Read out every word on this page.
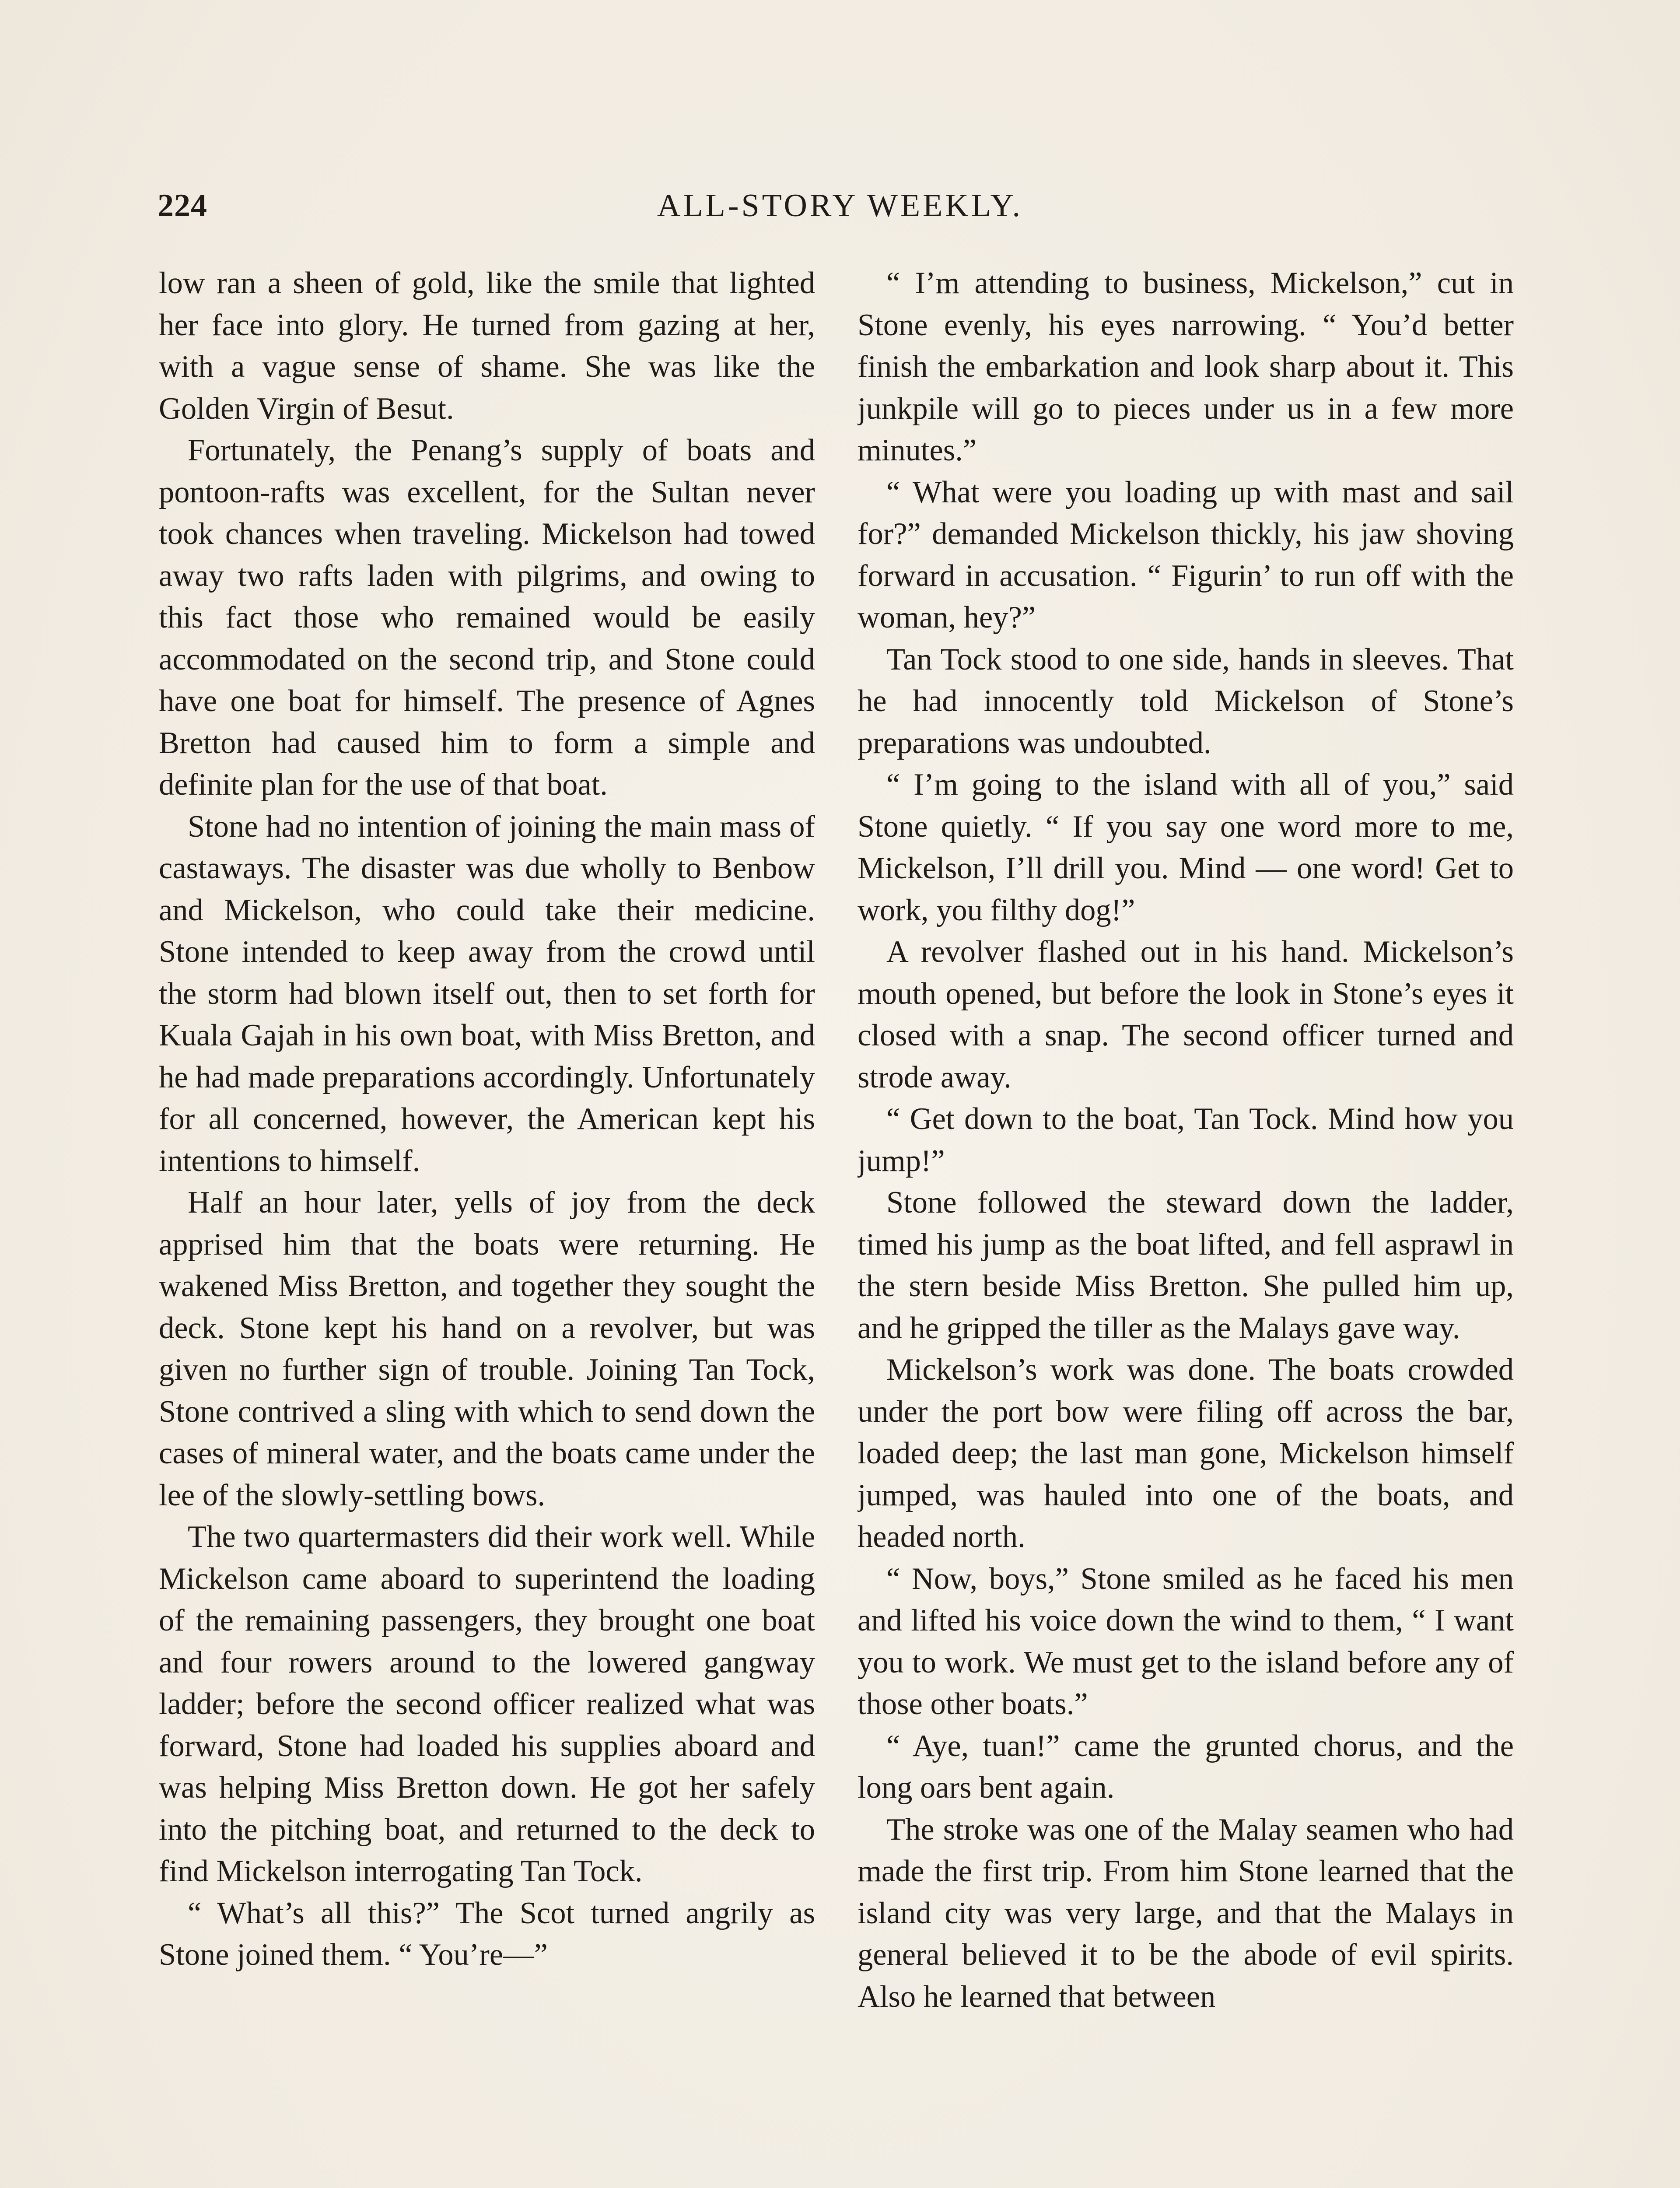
224	ALL-STORY WEEKLY.

low ran a sheen of gold, like the smile that lighted her face into glory. He turned from gazing at her, with a vague sense of shame. She was like the Golden Virgin of Besut.

Fortunately, the Penang’s supply of boats and pontoon-rafts was excellent, for the Sultan never took chances when traveling. Mickelson had towed away two rafts laden with pilgrims, and owing to this fact those who remained would be easily accommodated on the second trip, and Stone could have one boat for himself. The presence of Agnes Bretton had caused him to form a simple and definite plan for the use of that boat.

Stone had no intention of joining the main mass of castaways. The disaster was due wholly to Benbow and Mickelson, who could take their medicine. Stone intended to keep away from the crowd until the storm had blown itself out, then to set forth for Kuala Gajah in his own boat, with Miss Bretton, and he had made preparations accordingly. Unfortunately for all concerned, however, the American kept his intentions to himself.

Half an hour later, yells of joy from the deck apprised him that the boats were returning. He wakened Miss Bretton, and together they sought the deck. Stone kept his hand on a revolver, but was given no further sign of trouble. Joining Tan Tock, Stone contrived a sling with which to send down the cases of mineral water, and the boats came under the lee of the slowly-settling bows.

The two quartermasters did their work well. While Mickelson came aboard to superintend the loading of the remaining passengers, they brought one boat and four rowers around to the lowered gangway ladder; before the second officer realized what was forward, Stone had loaded his supplies aboard and was helping Miss Bretton down. He got her safely into the pitching boat, and returned to the deck to find Mickelson interrogating Tan Tock.

“ What’s all this?” The Scot turned angrily as Stone joined them. “ You’re—”

“ I’m attending to business, Mickelson,” cut in Stone evenly, his eyes narrowing. “ You’d better finish the embarkation and look sharp about it. This junkpile will go to pieces under us in a few more minutes.”

“ What were you loading up with mast and sail for?” demanded Mickelson thickly, his jaw shoving forward in accusation. “ Figurin’ to run off with the woman, hey?”

Tan Tock stood to one side, hands in sleeves. That he had innocently told Mickelson of Stone’s preparations was undoubted.

“ I’m going to the island with all of you,” said Stone quietly. “ If you say one word more to me, Mickelson, I’ll drill you. Mind — one word! Get to work, you filthy dog!”

A revolver flashed out in his hand. Mickelson’s mouth opened, but before the look in Stone’s eyes it closed with a snap. The second officer turned and strode away.

“ Get down to the boat, Tan Tock. Mind how you jump!”

Stone followed the steward down the ladder, timed his jump as the boat lifted, and fell asprawl in the stern beside Miss Bretton. She pulled him up, and he gripped the tiller as the Malays gave way.

Mickelson’s work was done. The boats crowded under the port bow were filing off across the bar, loaded deep; the last man gone, Mickelson himself jumped, was hauled into one of the boats, and headed north.

“ Now, boys,” Stone smiled as he faced his men and lifted his voice down the wind to them, “ I want you to work. We must get to the island before any of those other boats.”

“ Aye, tuan!” came the grunted chorus, and the long oars bent again.

The stroke was one of the Malay seamen who had made the first trip. From him Stone learned that the island city was very large, and that the Malays in general believed it to be the abode of evil spirits. Also he learned that between
